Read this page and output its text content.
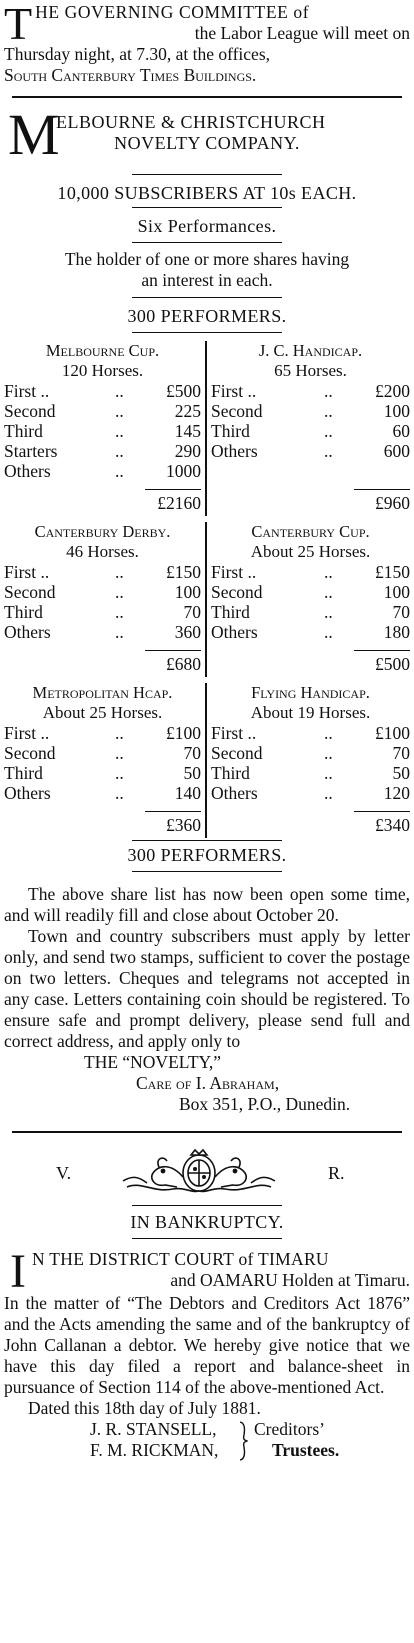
T HE GOVERNING COMMITTEE of
the Labor League will meet on
Thursday night, at 7.30, at the offices,
South Canterbury Times Buildings.
M
ELBOURNE & CHRISTCHURCH
NOVELTY COMPANY.
10,000 SUBSCRIBERS AT 10s EACH.
Six Performances.
The holder of one or more shares having
an interest in each.
300 PERFORMERS.
Melbourne Cup.
120 Horses.
First ..	..	£500
Second	..	225
Third	..	145
Starters	..	290
Others	..	1000
£2160
J. C. Handicap.
65 Horses.
First ..	..	£200
Second	..	100
Third	..	60
Others	..	600

£960
Canterbury Derby.
46 Horses.
First ..	..	£150
Second	..	100
Third	..	70
Others	..	360
£680
Canterbury Cup.
About 25 Horses.
First ..	..	£150
Second	..	100
Third	..	70
Others	..	180
£500
Metropolitan Hcap.
About 25 Horses.
First ..	..	£100
Second	..	70
Third	..	50
Others	..	140
£360
Flying Handicap.
About 19 Horses.
First ..	..	£100
Second	..	70
Third	..	50
Others	..	120
£340
300 PERFORMERS.
The above share list has now been open some time, and will readily fill and close about October 20.
Town and country subscribers must apply by letter only, and send two stamps, sufficient to cover the postage on two letters. Cheques and telegrams not accepted in any case. Letters containing coin should be registered. To ensure safe and prompt delivery, please send full and correct address, and apply only to
THE “NOVELTY,”
Care of I. Abraham,
Box 351, P.O., Dunedin.
V.	R.
IN BANKRUPTCY.
I N THE DISTRICT COURT of TIMARU
and OAMARU Holden at Timaru.
In the matter of “The Debtors and Creditors Act 1876” and the Acts amending the same and of the bankruptcy of John Callanan a debtor. We hereby give notice that we have this day filed a report and balance-sheet in pursuance of Section 114 of the above-mentioned Act.
Dated this 18th day of July 1881.
J. R. STANSELL,
F. M. RICKMAN,
Creditors’
Trustees.
